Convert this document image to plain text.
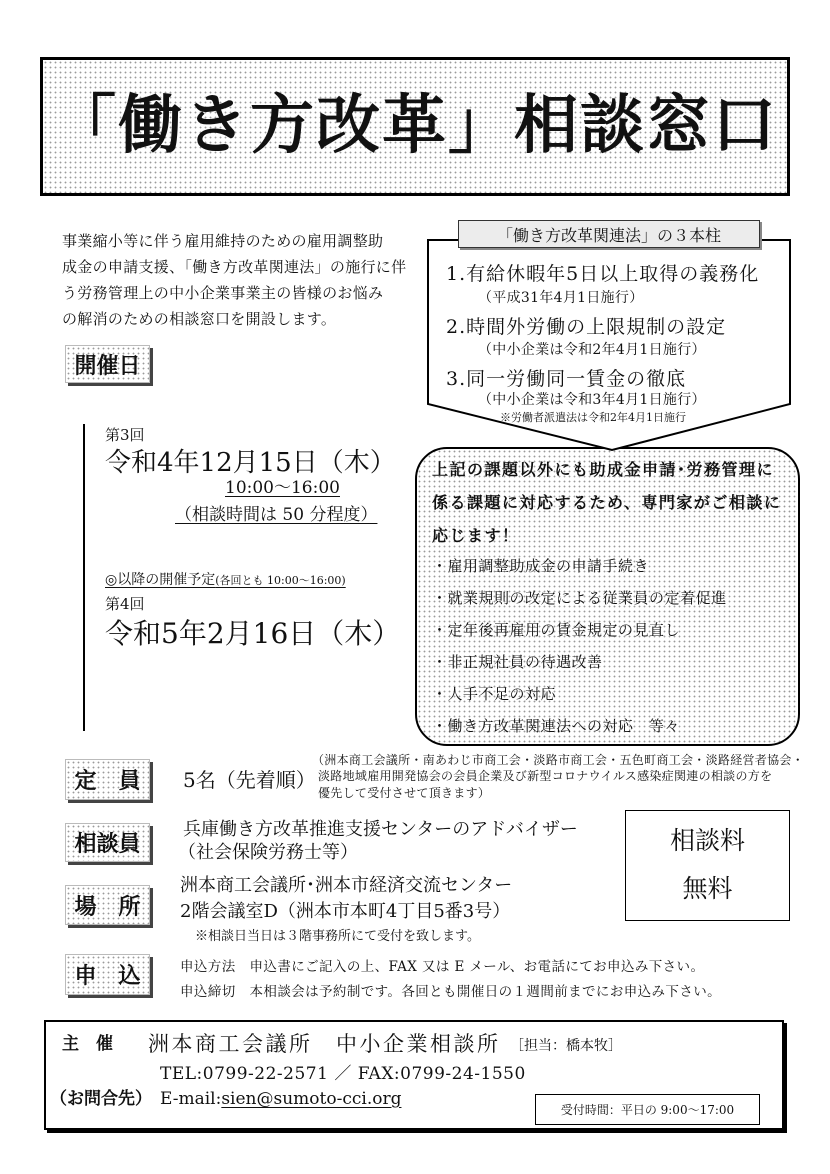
「働き方改革」相談窓口
事業縮小等に伴う雇用維持のための雇用調整助
成金の申請支援、「働き方改革関連法」の施行に伴
う労務管理上の中小企業事業主の皆様のお悩み
の解消のための相談窓口を開設します。
上記の課題以外にも助成金申請･労務管理に
係る課題に対応するため、専門家がご相談に
応じます！
・雇用調整助成金の申請手続き
・就業規則の改定による従業員の定着促進
・定年後再雇用の賃金規定の見直し
・非正規社員の待遇改善
・人手不足の対応
・働き方改革関連法への対応　等々
「働き方改革関連法」の３本柱
1.有給休暇年5日以上取得の義務化
（平成31年4月1日施行）
2.時間外労働の上限規制の設定
（中小企業は令和2年4月1日施行）
3.同一労働同一賃金の徹底
（中小企業は令和3年4月1日施行）
※労働者派遣法は令和2年4月1日施行
開催日
第3回
令和4年12月15日（木）
10:00～16:00
（相談時間は 50 分程度）
◎以降の開催予定(各回とも 10:00～16:00)
第4回
令和5年2月16日（木）
定　員	5名（先着順）
（洲本商工会議所・南あわじ市商工会・淡路市商工会・五色町商工会・淡路経営者協会・
淡路地域雇用開発協会の会員企業及び新型コロナウイルス感染症関連の相談の方を
優先して受付させて頂きます）
相談員
兵庫働き方改革推進支援センターのアドバイザー
（社会保険労務士等）	相談料
無料
場　所
洲本商工会議所･洲本市経済交流センター
2階会議室D（洲本市本町4丁目5番3号）
※相談日当日は３階事務所にて受付を致します。
申　込	申込方法　 申込書にご記入の上、FAX 又は E メール、お電話にてお申込み下さい。
申込締切　 本相談会は予約制です。各回とも開催日の１週間前までにお申込み下さい。
主　催 洲本商工会議所　中小企業相談所 ［担当：橋本牧］
TEL:0799-22-2571 ／ FAX:0799-24-1550
（お問合先） E-mail:sien@sumoto-cci.org
受付時間：平日の 9:00～17:00
